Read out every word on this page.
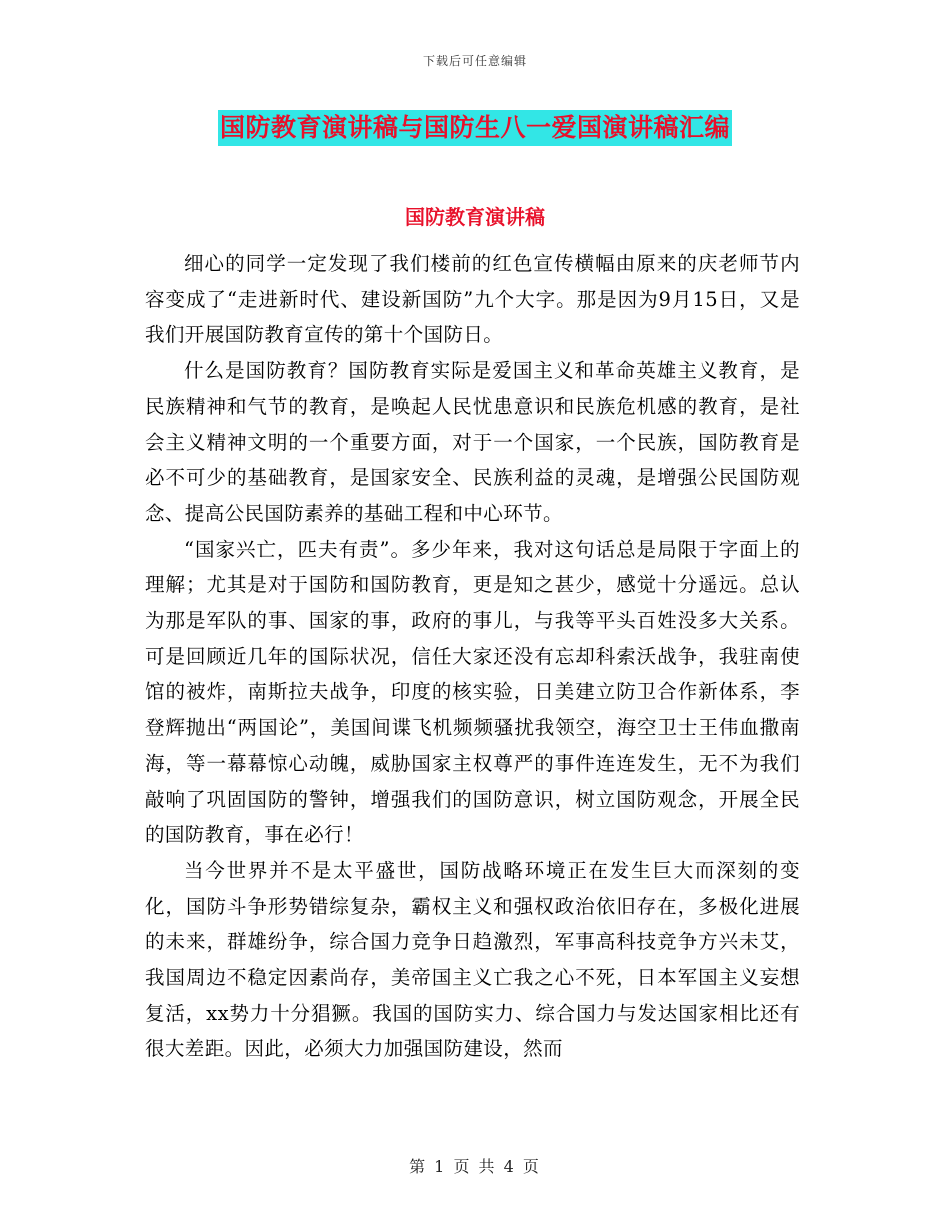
下载后可任意编辑
国防教育演讲稿与国防生八一爱国演讲稿汇编
国防教育演讲稿

细心的同学一定发现了我们楼前的红色宣传横幅由原来的庆老师节内容变成了“走进新时代、建设新国防”九个大字。那是因为9月15日，又是我们开展国防教育宣传的第十个国防日。

什么是国防教育？国防教育实际是爱国主义和革命英雄主义教育，是民族精神和气节的教育，是唤起人民忧患意识和民族危机感的教育，是社会主义精神文明的一个重要方面，对于一个国家，一个民族，国防教育是必不可少的基础教育，是国家安全、民族利益的灵魂，是增强公民国防观念、提高公民国防素养的基础工程和中心环节。

“国家兴亡，匹夫有责”。多少年来，我对这句话总是局限于字面上的理解；尤其是对于国防和国防教育，更是知之甚少，感觉十分遥远。总认为那是军队的事、国家的事，政府的事儿，与我等平头百姓没多大关系。可是回顾近几年的国际状况，信任大家还没有忘却科索沃战争，我驻南使馆的被炸，南斯拉夫战争，印度的核实验，日美建立防卫合作新体系，李登辉抛出“两国论”，美国间谍飞机频频骚扰我领空，海空卫士王伟血撒南海，等一幕幕惊心动魄，威胁国家主权尊严的事件连连发生，无不为我们敲响了巩固国防的警钟，增强我们的国防意识，树立国防观念，开展全民的国防教育，事在必行！

当今世界并不是太平盛世，国防战略环境正在发生巨大而深刻的变化，国防斗争形势错综复杂，霸权主义和强权政治依旧存在，多极化进展的未来，群雄纷争，综合国力竞争日趋激烈，军事高科技竞争方兴未艾，我国周边不稳定因素尚存，美帝国主义亡我之心不死，日本军国主义妄想复活，xx势力十分猖獗。我国的国防实力、综合国力与发达国家相比还有很大差距。因此，必须大力加强国防建设，然而

第 1 页 共 4 页
